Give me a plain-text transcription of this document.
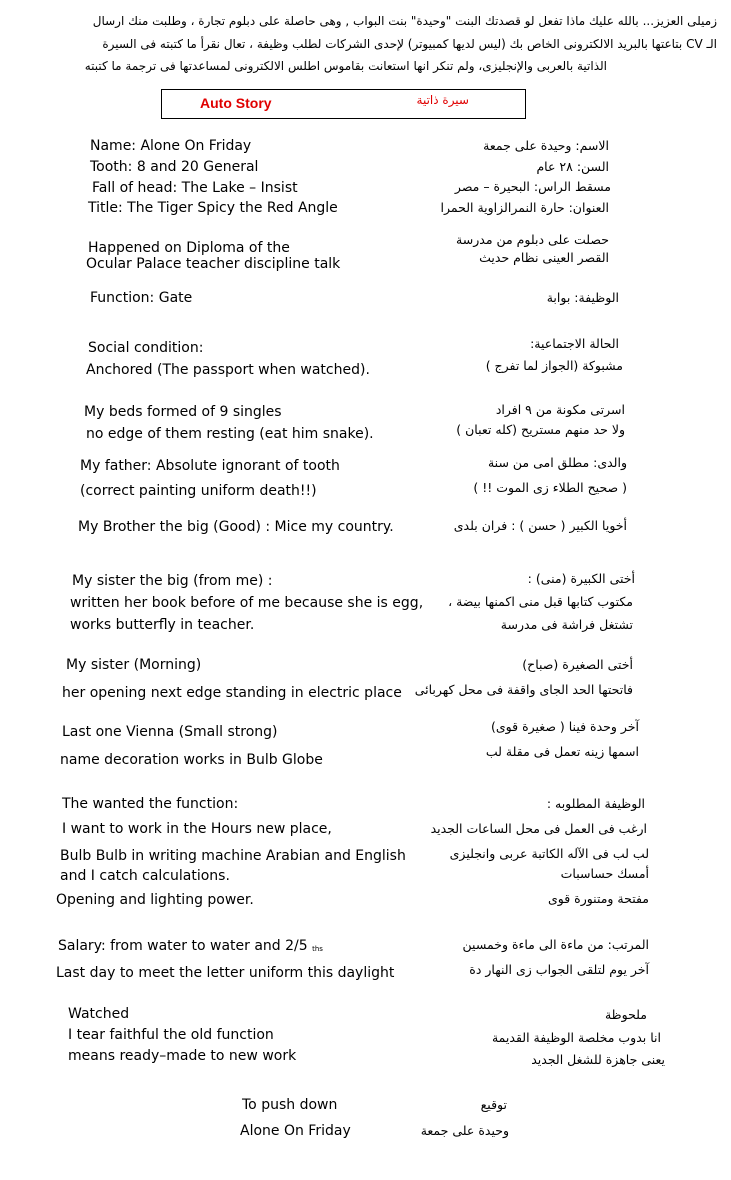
زميلى العزيز... بالله عليك ماذا تفعل لو قصدتك البنت "وحيدة" بنت البواب , وهى حاصلة على دبلوم تجارة ، وطلبت منك ارسال
الـ CV بتاعتها بالبريد الالكترونى الخاص بك (ليس لديها كمبيوتر) لإحدى الشركات لطلب وظيفة ، تعال نقرأ ما كتبته فى السيرة
الذاتية بالعربى والإنجليزى، ولم تنكر انها استعانت بقاموس اطلس الالكترونى لمساعدتها فى ترجمة ما كتبته
Auto Story	سيرة ذاتية
Name: Alone On Friday
Tooth: 8 and 20 General
Fall of head: The Lake – Insist
Title: The Tiger Spicy the Red Angle
Happened on Diploma of the
Ocular Palace teacher discipline talk
Function: Gate
Social condition:
Anchored (The passport when watched).
My beds formed of 9 singles
no edge of them resting (eat him snake).
My father: Absolute ignorant of tooth
(correct painting uniform death!!)
My Brother the big (Good) : Mice my country.
My sister the big (from me) :
written her book before of me because she is egg,
works butterfly in teacher.
My sister (Morning)
her opening next edge standing in electric place
Last one Vienna (Small strong)
name decoration works in Bulb Globe
The wanted the function:
I want to work in the Hours new place,
Bulb Bulb in writing machine Arabian and English
and I catch calculations.
Opening and lighting power.
Salary: from water to water and 2/5 $^{ths}$
Last day to meet the letter uniform this daylight
Watched
I tear faithful the old function
means ready–made to new work
To push down
Alone On Friday
الاسم: وحيدة على جمعة
السن: ٢٨ عام
مسقط الراس: البحيرة – مصر
العنوان: حارة النمرالزاوية الحمرا
حصلت على دبلوم من مدرسة
القصر العينى نظام حديث
الوظيفة: بوابة
الحالة الاجتماعية:
مشبوكة (الجواز لما تفرج )
اسرتى مكونة من ٩ افراد
ولا حد منهم مستريح (كله تعبان )
والدى: مطلق امى من سنة
( صحيح الطلاء زى الموت !! )
أخويا الكبير ( حسن ) : فران بلدى
أختى الكبيرة (منى) :
مكتوب كتابها قبل منى اكمنها بيضة ،
تشتغل فراشة فى مدرسة
أختى الصغيرة (صباح)
فاتحتها الحد الجاى واقفة فى محل كهربائى
آخر وحدة فينا ( صغيرة قوى)
اسمها زينه تعمل فى مقلة لب
الوظيفة المطلوبه :
ارغب فى العمل فى محل الساعات الجديد
لب لب فى الآله الكاتبة عربى وانجليزى
أمسك حساسبات
مفتحة ومتنورة قوى
المرتب: من ماءة الى ماءة وخمسين
آخر يوم لتلقى الجواب زى النهار دة
ملحوظة
انا بدوب مخلصة الوظيفة القديمة
يعنى جاهزة للشغل الجديد
توقيع
وحيدة على جمعة
